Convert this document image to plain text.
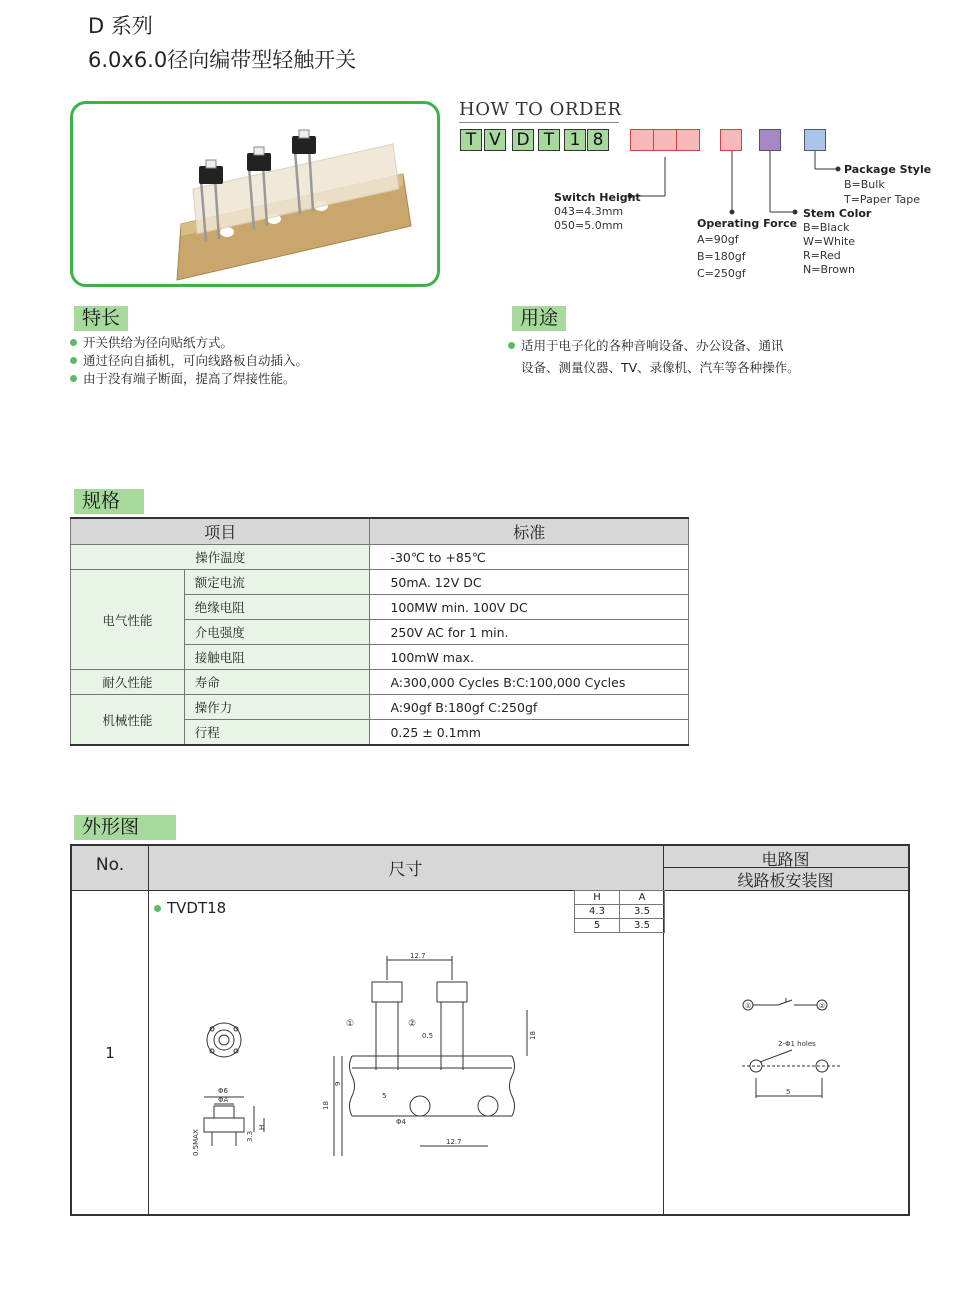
D 系列
6.0x6.0径向编带型轻触开关
HOW TO ORDER
T V D T 1 8
Switch Height
043=4.3mm
050=5.0mm	Operating Force
A=90gf
B=180gf
C=250gf
Stem Color
B=Black
W=White
R=Red
N=Brown
Package Style
B=Bulk
T=Paper Tape
特长
开关供给为径向贴纸方式。
通过径向自插机，可向线路板自动插入。
由于没有端子断面，提高了焊接性能。
用途
适用于电子化的各种音响设备、办公设备、通讯
设备、测量仪器、TV、录像机、汽车等各种操作。
规格
项目		标准
操作温度		-30℃ to +85℃
电气性能	额定电流	50mA. 12V DC
	绝缘电阻	100MW min. 100V DC
	介电强度	250V AC for 1 min.
	接触电阻	100mW max.
耐久性能	寿命	A:300,000 Cycles B:C:100,000 Cycles
机械性能	操作力	A:90gf B:180gf C:250gf
	行程	0.25 ± 0.1mm
外形图
No.	尺寸
电路图
线路板安装图
1
TVDT18
H	A
4.3	3.5
5	3.5
Φ6
ΦA
3.3
H
0.5MAX
12.7
12.7
18
18
9
5
0.5
Φ4
①	②
①	②
2-Φ1 holes
5
